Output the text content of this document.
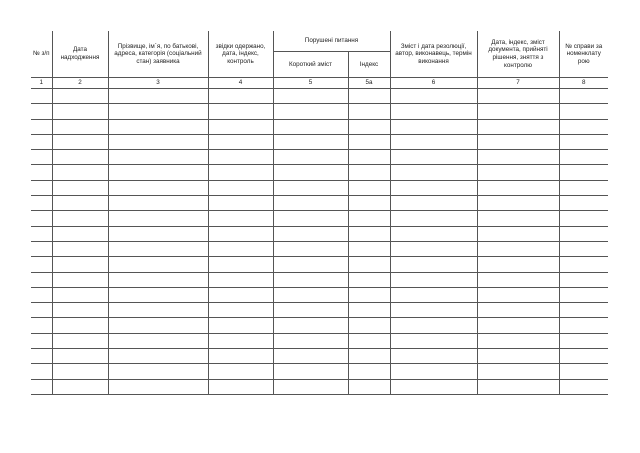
№ з/п	Дата надходження	Прізвище, ім`я, по батькові, адреса, категорія (соціальний стан) заявника	звідки одержано, дата, індекс, контроль	Порушені питання		Зміст і дата резолюції, автор, виконавець, термін виконання	Дата, індекс, зміст документа, прийняті рішення, зняття з контролю	№ справи за номенклату рою
				Короткий зміст	Індекс			
1	2	3	4	5	5а	6	7	8
